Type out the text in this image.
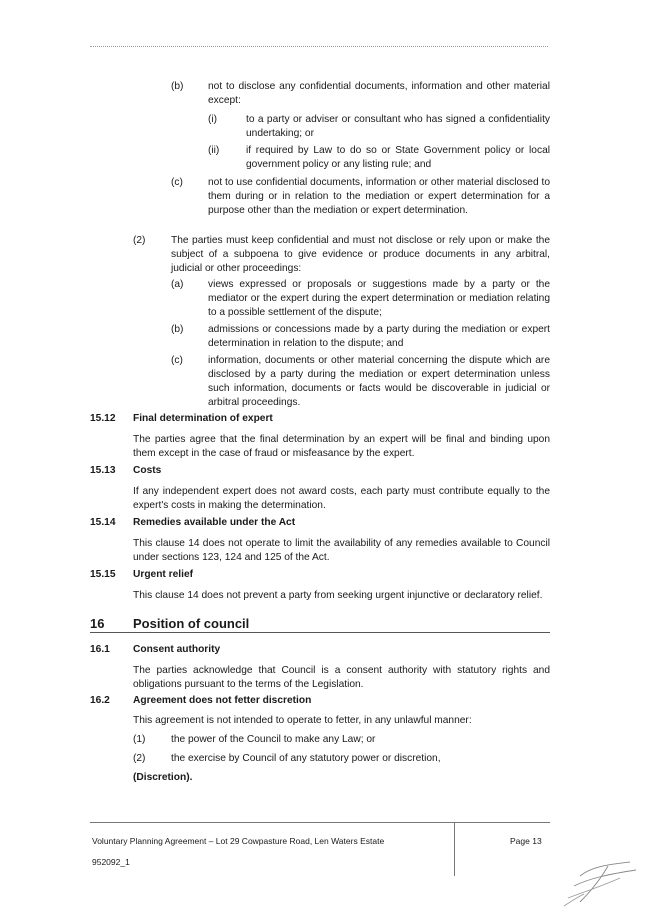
(b) not to disclose any confidential documents, information and other material except:

(i)	to a party or adviser or consultant who has signed a confidentiality undertaking; or

(ii)	if required by Law to do so or State Government policy or local government policy or any listing rule; and

(c) not to use confidential documents, information or other material disclosed to them during or in relation to the mediation or expert determination for a purpose other than the mediation or expert determination.

(2)	The parties must keep confidential and must not disclose or rely upon or make the subject of a subpoena to give evidence or produce documents in any arbitral, judicial or other proceedings:

(a) views expressed or proposals or suggestions made by a party or the mediator or the expert during the expert determination or mediation relating to a possible settlement of the dispute;

(b) admissions or concessions made by a party during the mediation or expert determination in relation to the dispute; and

(c) information, documents or other material concerning the dispute which are disclosed by a party during the mediation or expert determination unless such information, documents or facts would be discoverable in judicial or arbitral proceedings.

15.12 Final determination of expert

The parties agree that the final determination by an expert will be final and binding upon them except in the case of fraud or misfeasance by the expert.

15.13 Costs

If any independent expert does not award costs, each party must contribute equally to the expert's costs in making the determination.

15.14 Remedies available under the Act

This clause 14 does not operate to limit the availability of any remedies available to Council under sections 123, 124 and 125 of the Act.

15.15 Urgent relief

This clause 14 does not prevent a party from seeking urgent injunctive or declaratory relief.

16 Position of council
16.1 Consent authority

The parties acknowledge that Council is a consent authority with statutory rights and obligations pursuant to the terms of the Legislation.

16.2 Agreement does not fetter discretion

This agreement is not intended to operate to fetter, in any unlawful manner:

(1)	the power of the Council to make any Law; or

(2)	the exercise by Council of any statutory power or discretion,

(Discretion).
Voluntary Planning Agreement – Lot 29 Cowpasture Road, Len Waters Estate
952092_1
Page 13
